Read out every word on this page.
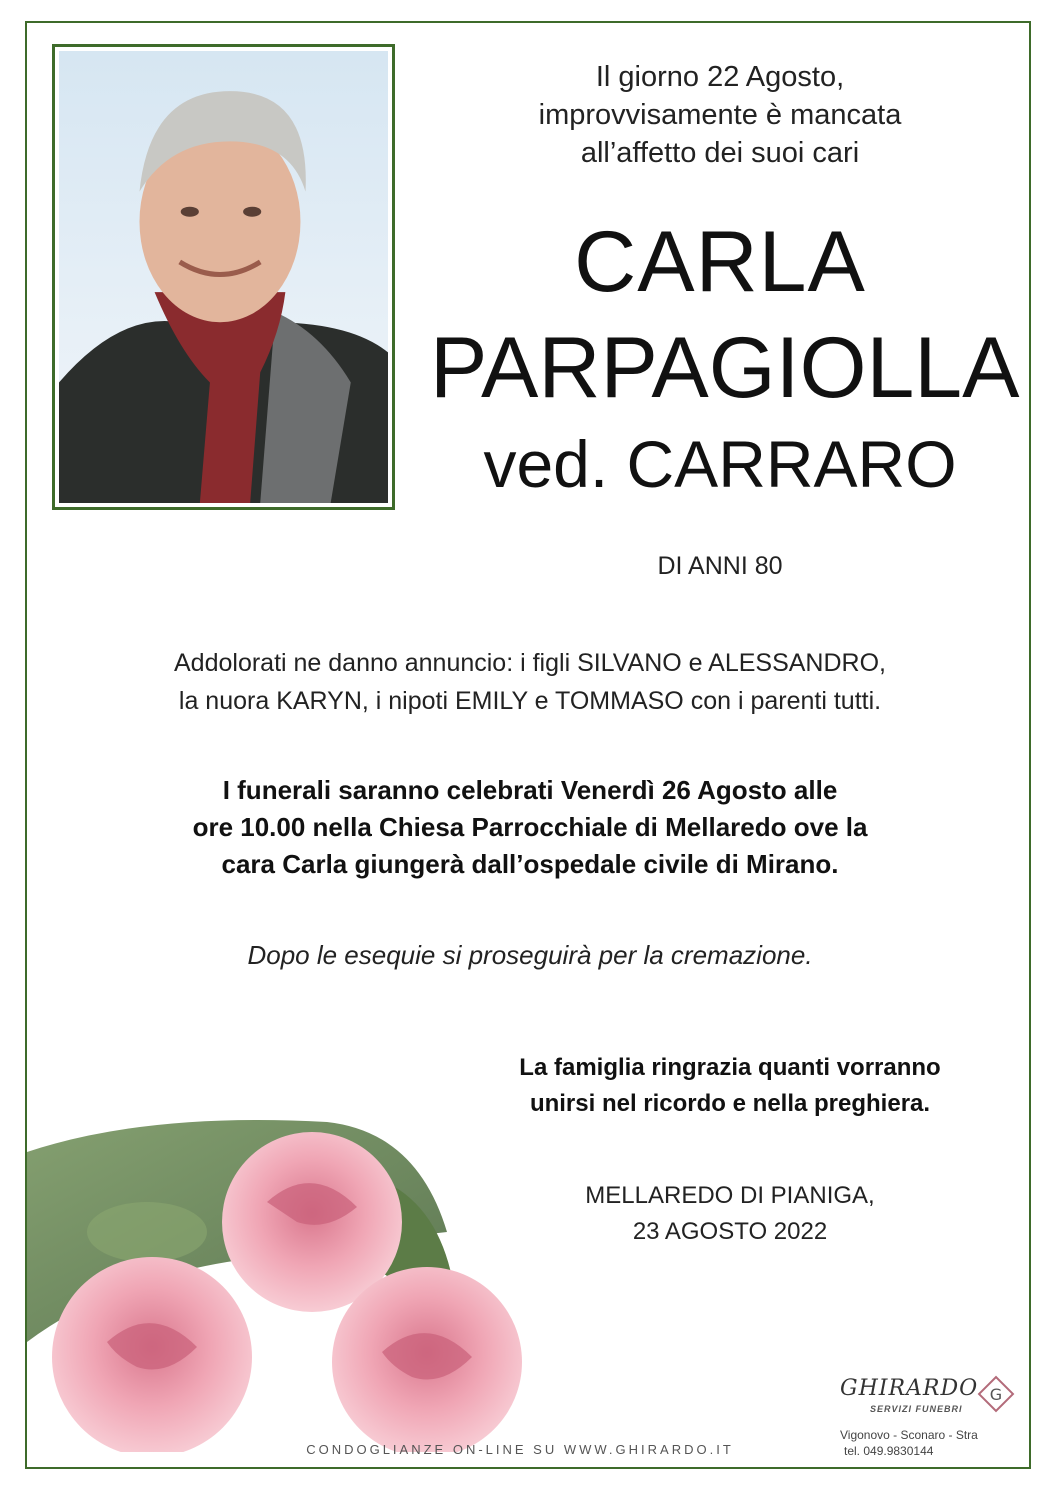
Il giorno 22 Agosto,
improvvisamente è mancata
all’affetto dei suoi cari
CARLA
PARPAGIOLLA
ved. CARRARO
DI ANNI 80
Addolorati ne danno annuncio: i figli SILVANO e ALESSANDRO,
la nuora KARYN, i nipoti EMILY e TOMMASO con i parenti tutti.
I funerali saranno celebrati Venerdì 26 Agosto alle
ore 10.00 nella Chiesa Parrocchiale di Mellaredo ove la
cara Carla giungerà dall’ospedale civile di Mirano.
Dopo le esequie si proseguirà per la cremazione.
La famiglia ringrazia quanti vorranno
unirsi nel ricordo e nella preghiera.
MELLAREDO DI PIANIGA,
23 AGOSTO 2022
CONDOGLIANZE ON-LINE SU WWW.GHIRARDO.IT
GHIRARDO
SERVIZI FUNEBRI
G
Vigonovo - Sconaro - Stra
tel. 049.9830144
